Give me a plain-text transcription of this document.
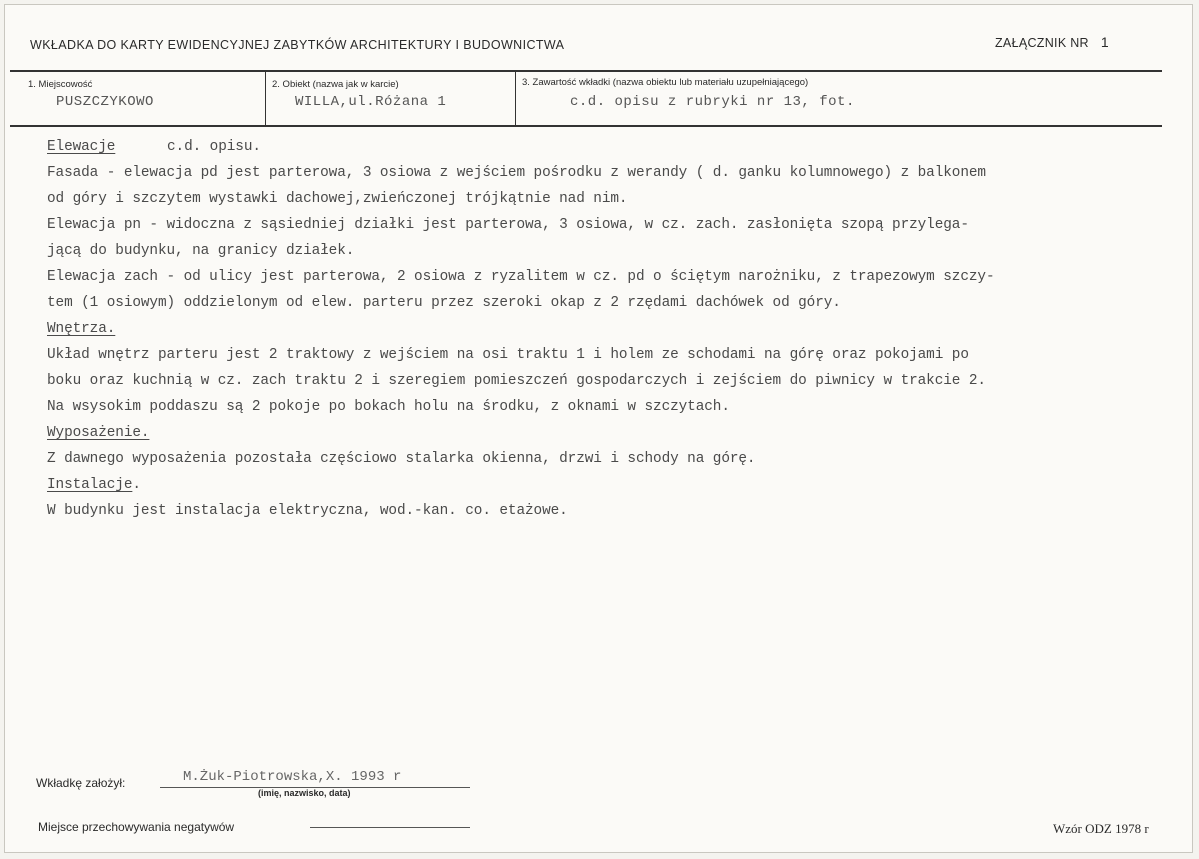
WKŁADKA DO KARTY EWIDENCYJNEJ ZABYTKÓW ARCHITEKTURY I BUDOWNICTWA	ZAŁĄCZNIK NR 1
1. Miejscowość
PUSZCZYKOWO
2. Obiekt (nazwa jak w karcie)
WILLA,ul.Różana 1
3. Zawartość wkładki (nazwa obiektu lub materiału uzupełniającego)
c.d. opisu z rubryki nr 13, fot.
Elewacje	c.d. opisu.
Fasada - elewacja pd jest parterowa, 3 osiowa z wejściem pośrodku z werandy ( d. ganku kolumnowego) z balkonem
od góry i szczytem wystawki dachowej,zwieńczonej trójkątnie nad nim.
Elewacja pn - widoczna z sąsiedniej działki jest parterowa, 3 osiowa, w cz. zach. zasłonięta szopą przylega-
jącą do budynku, na granicy działek.
Elewacja zach - od ulicy jest parterowa, 2 osiowa z ryzalitem w cz. pd o ściętym narożniku, z trapezowym szczy-
tem (1 osiowym) oddzielonym od elew. parteru przez szeroki okap z 2 rzędami dachówek od góry.
Wnętrza.
Układ wnętrz parteru jest 2 traktowy z wejściem na osi traktu 1 i holem ze schodami na górę oraz pokojami po
boku oraz kuchnią w cz. zach traktu 2 i szeregiem pomieszczeń gospodarczych i zejściem do piwnicy w trakcie 2.
Na wsysokim poddaszu są 2 pokoje po bokach holu na środku, z oknami w szczytach.
Wyposażenie.
Z dawnego wyposażenia pozostała częściowo stalarka okienna, drzwi i schody na górę.
Instalacje.
W budynku jest instalacja elektryczna, wod.-kan. co. etażowe.
Wkładkę założył:	M.Żuk-Piotrowska,X. 1993 r
(imię, nazwisko, data)
Miejsce przechowywania negatywów	Wzór ODZ 1978 r
